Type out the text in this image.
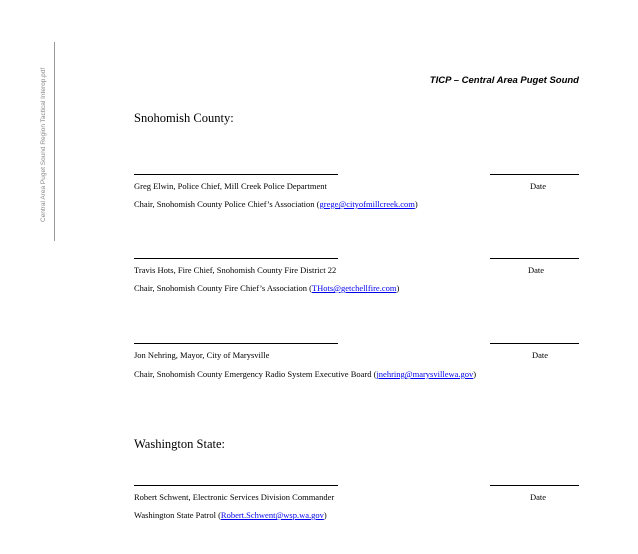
Central Area Puget Sound Region Tactical Interop.pdf	TICP – Central Area Puget Sound
Snohomish County:
Greg Elwin, Police Chief, Mill Creek Police Department	Date
Chair, Snohomish County Police Chief’s Association (grege@cityofmillcreek.com)
Travis Hots, Fire Chief, Snohomish County Fire District 22	Date
Chair, Snohomish County Fire Chief’s Association (THots@getchellfire.com)
Jon Nehring, Mayor, City of Marysville	Date
Chair, Snohomish County Emergency Radio System Executive Board (jnehring@marysvillewa.gov)
Washington State:
Robert Schwent, Electronic Services Division Commander	Date
Washington State Patrol (Robert.Schwent@wsp.wa.gov)
